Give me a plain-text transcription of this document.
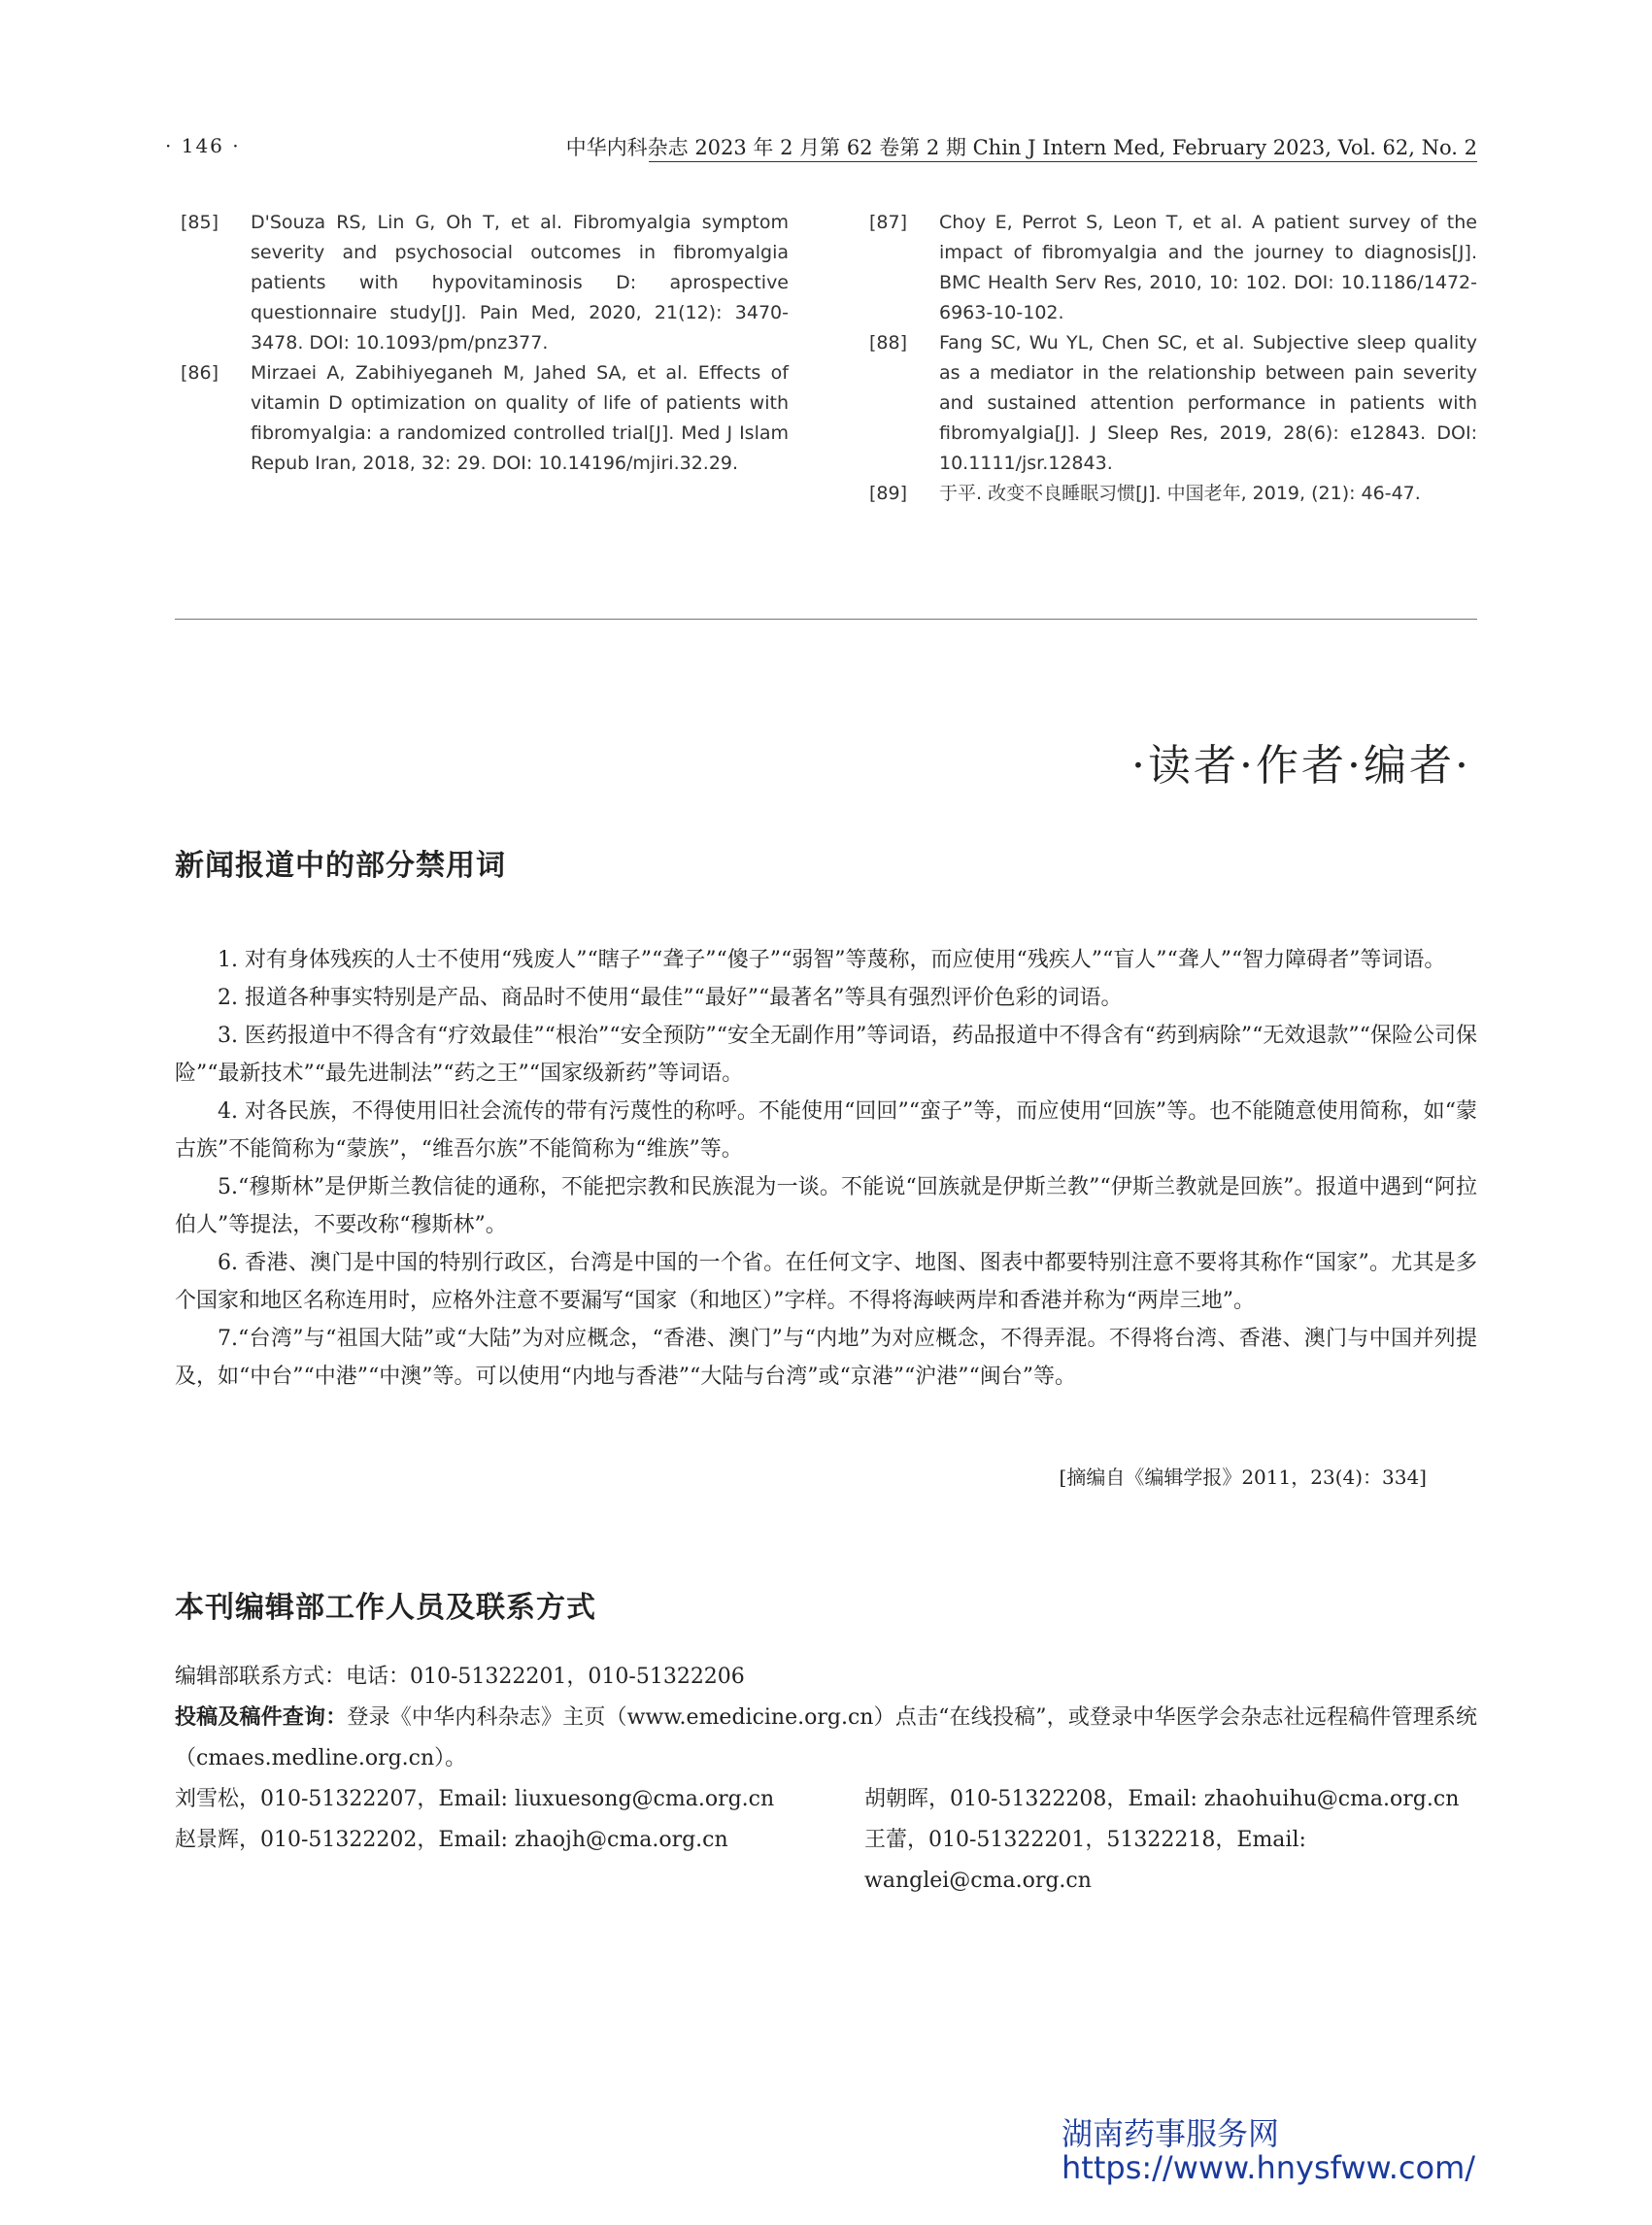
· 146 ·	中华内科杂志 2023 年 2 月第 62 卷第 2 期 Chin J Intern Med, February 2023, Vol. 62, No. 2
[85]	D'Souza RS, Lin G, Oh T, et al. Fibromyalgia symptom severity and psychosocial outcomes in fibromyalgia patients with hypovitaminosis D: aprospective questionnaire study[J]. Pain Med, 2020, 21(12): 3470-3478. DOI: 10.1093/pm/pnz377.
[86]	Mirzaei A, Zabihiyeganeh M, Jahed SA, et al. Effects of vitamin D optimization on quality of life of patients with fibromyalgia: a randomized controlled trial[J]. Med J Islam Repub Iran, 2018, 32: 29. DOI: 10.14196/mjiri.32.29.
[87]	Choy E, Perrot S, Leon T, et al. A patient survey of the impact of fibromyalgia and the journey to diagnosis[J]. BMC Health Serv Res, 2010, 10: 102. DOI: 10.1186/1472-6963-10-102.
[88]	Fang SC, Wu YL, Chen SC, et al. Subjective sleep quality as a mediator in the relationship between pain severity and sustained attention performance in patients with fibromyalgia[J]. J Sleep Res, 2019, 28(6): e12843. DOI: 10.1111/jsr.12843.
[89]	于平. 改变不良睡眠习惯[J]. 中国老年, 2019, (21): 46-47.
·读者·作者·编者·
新闻报道中的部分禁用词

1. 对有身体残疾的人士不使用“残废人”“瞎子”“聋子”“傻子”“弱智”等蔑称，而应使用“残疾人”“盲人”“聋人”“智力障碍者”等词语。

2. 报道各种事实特别是产品、商品时不使用“最佳”“最好”“最著名”等具有强烈评价色彩的词语。

3. 医药报道中不得含有“疗效最佳”“根治”“安全预防”“安全无副作用”等词语，药品报道中不得含有“药到病除”“无效退款”“保险公司保险”“最新技术”“最先进制法”“药之王”“国家级新药”等词语。

4. 对各民族，不得使用旧社会流传的带有污蔑性的称呼。不能使用“回回”“蛮子”等，而应使用“回族”等。也不能随意使用简称，如“蒙古族”不能简称为“蒙族”，“维吾尔族”不能简称为“维族”等。

5.“穆斯林”是伊斯兰教信徒的通称，不能把宗教和民族混为一谈。不能说“回族就是伊斯兰教”“伊斯兰教就是回族”。报道中遇到“阿拉伯人”等提法，不要改称“穆斯林”。

6. 香港、澳门是中国的特别行政区，台湾是中国的一个省。在任何文字、地图、图表中都要特别注意不要将其称作“国家”。尤其是多个国家和地区名称连用时，应格外注意不要漏写“国家（和地区）”字样。不得将海峡两岸和香港并称为“两岸三地”。

7.“台湾”与“祖国大陆”或“大陆”为对应概念，“香港、澳门”与“内地”为对应概念，不得弄混。不得将台湾、香港、澳门与中国并列提及，如“中台”“中港”“中澳”等。可以使用“内地与香港”“大陆与台湾”或“京港”“沪港”“闽台”等。

[摘编自《编辑学报》2011，23(4)：334]
本刊编辑部工作人员及联系方式

编辑部联系方式：电话：010-51322201，010-51322206

投稿及稿件查询：登录《中华内科杂志》主页（www.emedicine.org.cn）点击“在线投稿”，或登录中华医学会杂志社远程稿件管理系统（cmaes.medline.org.cn）。

刘雪松，010-51322207，Email: liuxuesong@cma.org.cn	胡朝晖，010-51322208，Email: zhaohuihu@cma.org.cn
赵景辉，010-51322202，Email: zhaojh@cma.org.cn	王蕾，010-51322201，51322218，Email: wanglei@cma.org.cn
湖南药事服务网
https://www.hnysfww.com/
